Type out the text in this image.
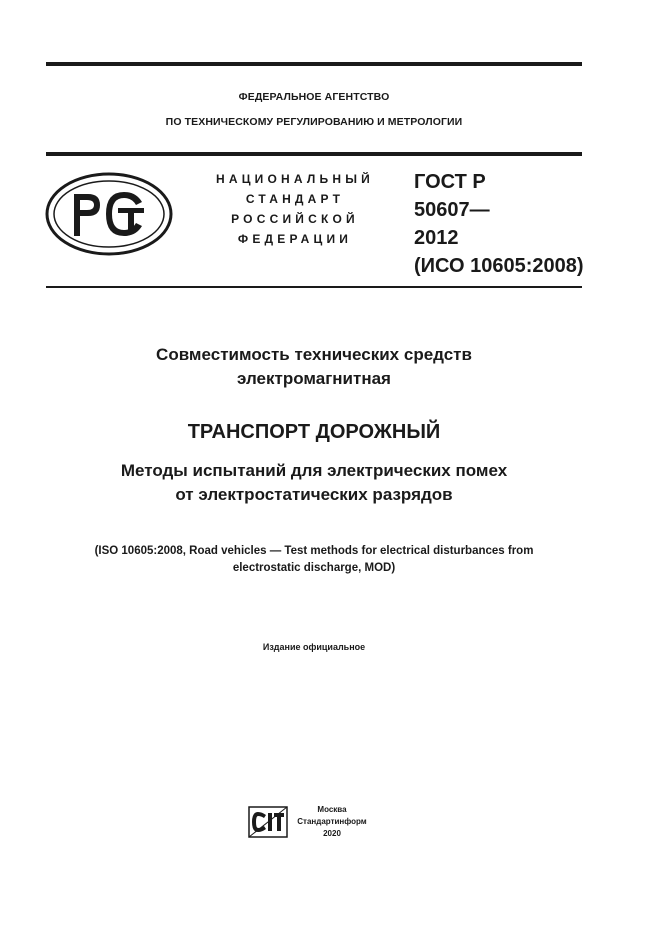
ФЕДЕРАЛЬНОЕ АГЕНТСТВО
ПО ТЕХНИЧЕСКОМУ РЕГУЛИРОВАНИЮ И МЕТРОЛОГИИ
НАЦИОНАЛЬНЫЙ
СТАНДАРТ
РОССИЙСКОЙ
ФЕДЕРАЦИИ
ГОСТ Р
50607—
2012
(ИСО 10605:2008)
Совместимость технических средств
электромагнитная
ТРАНСПОРТ ДОРОЖНЫЙ
Методы испытаний для электрических помех
от электростатических разрядов
(ISO 10605:2008, Road vehicles — Test methods for electrical disturbances from
electrostatic discharge, MOD)
Издание официальное
Москва
Стандартинформ
2020
